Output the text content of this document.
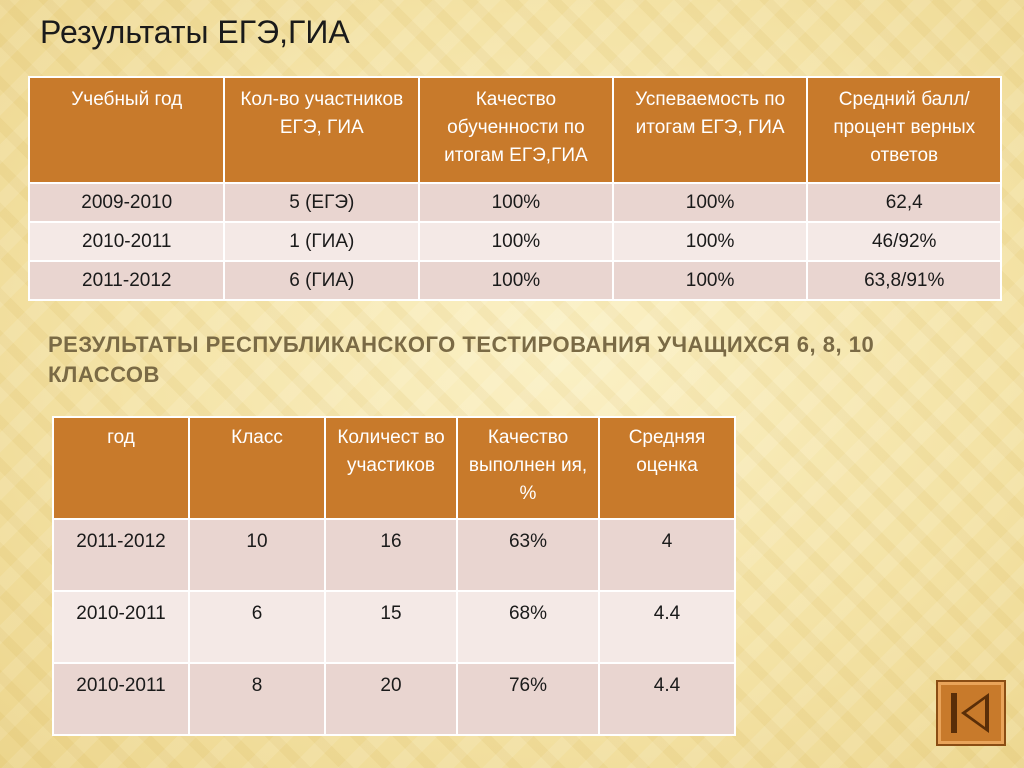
Результаты ЕГЭ,ГИА
Учебный год	Кол-во участников ЕГЭ, ГИА	Качество обученности по итогам ЕГЭ,ГИА	Успеваемость по итогам ЕГЭ, ГИА	Средний балл/процент верных ответов
2009-2010	5 (ЕГЭ)	100%	100%	62,4
2010-2011	1 (ГИА)	100%	100%	46/92%
2011-2012	6 (ГИА)	100%	100%	63,8/91%
РЕЗУЛЬТАТЫ РЕСПУБЛИКАНСКОГО ТЕСТИРОВАНИЯ УЧАЩИХСЯ 6, 8, 10 КЛАССОВ
год	Класс	Количест во участиков	Качество выполнен ия, %	Средняя оценка
2011-2012	10	16	63%	4
2010-2011	6	15	68%	4.4
2010-2011	8	20	76%	4.4
